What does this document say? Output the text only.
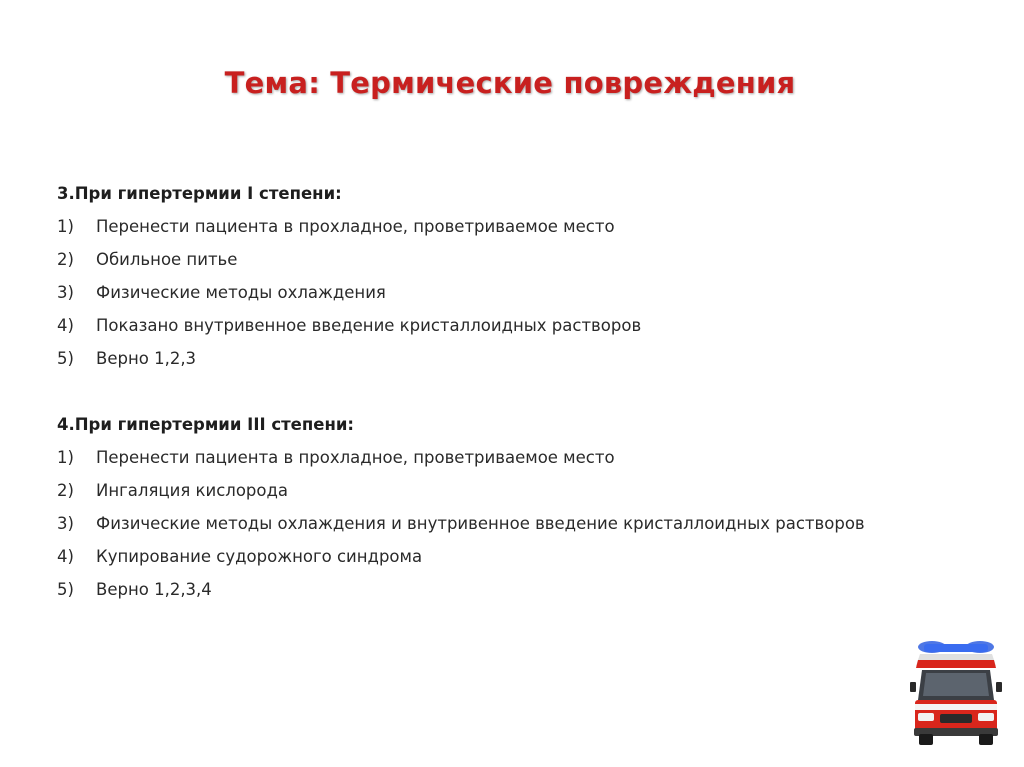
Тема: Термические повреждения
3.При гипертермии I степени:
1)	Перенести пациента в прохладное, проветриваемое место
2)	Обильное питье
3)	Физические методы охлаждения
4)	Показано внутривенное введение кристаллоидных растворов
5)	Верно 1,2,3
4.При гипертермии III степени:
1)	Перенести пациента в прохладное, проветриваемое место
2)	Ингаляция кислорода
3)	Физические методы охлаждения и внутривенное введение кристаллоидных растворов
4)	Купирование судорожного синдрома
5)	Верно 1,2,3,4
